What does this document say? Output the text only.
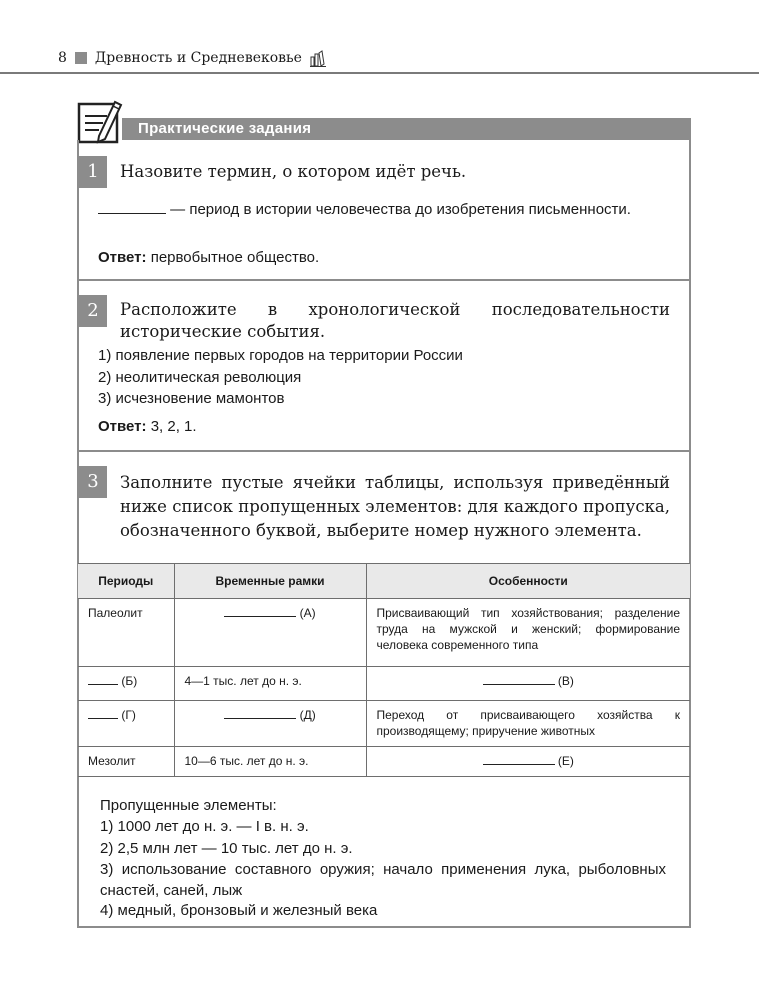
8 Древность и Средневековье
Практические задания
1	Назовите термин, о котором идёт речь.
— период в истории человечества до изобретения письменности.
Ответ: первобытное общество.
2	Расположите в хронологической последовательности исторические события.
1) появление первых городов на территории России
2) неолитическая революция
3) исчезновение мамонтов
Ответ: 3, 2, 1.
3	Заполните пустые ячейки таблицы, используя приведённый ниже список пропущенных элементов: для каждого пропуска, обозначенного буквой, выберите номер нужного элемента.
Периоды	Временные рамки	Особенности
Палеолит	(А)	Присваивающий тип хозяйствования; разделение труда на мужской и женский; формирование человека современного типа
(Б)	4—1 тыс. лет до н. э.	(В)
(Г)	(Д)	Переход от присваивающего хозяйства к производящему; приручение животных
Мезолит	10—6 тыс. лет до н. э.	(Е)
Пропущенные элементы:
1) 1000 лет до н. э. — I в. н. э.
2) 2,5 млн лет — 10 тыс. лет до н. э.
3) использование составного оружия; начало применения лука, рыболовных снастей, саней, лыж
4) медный, бронзовый и железный века
